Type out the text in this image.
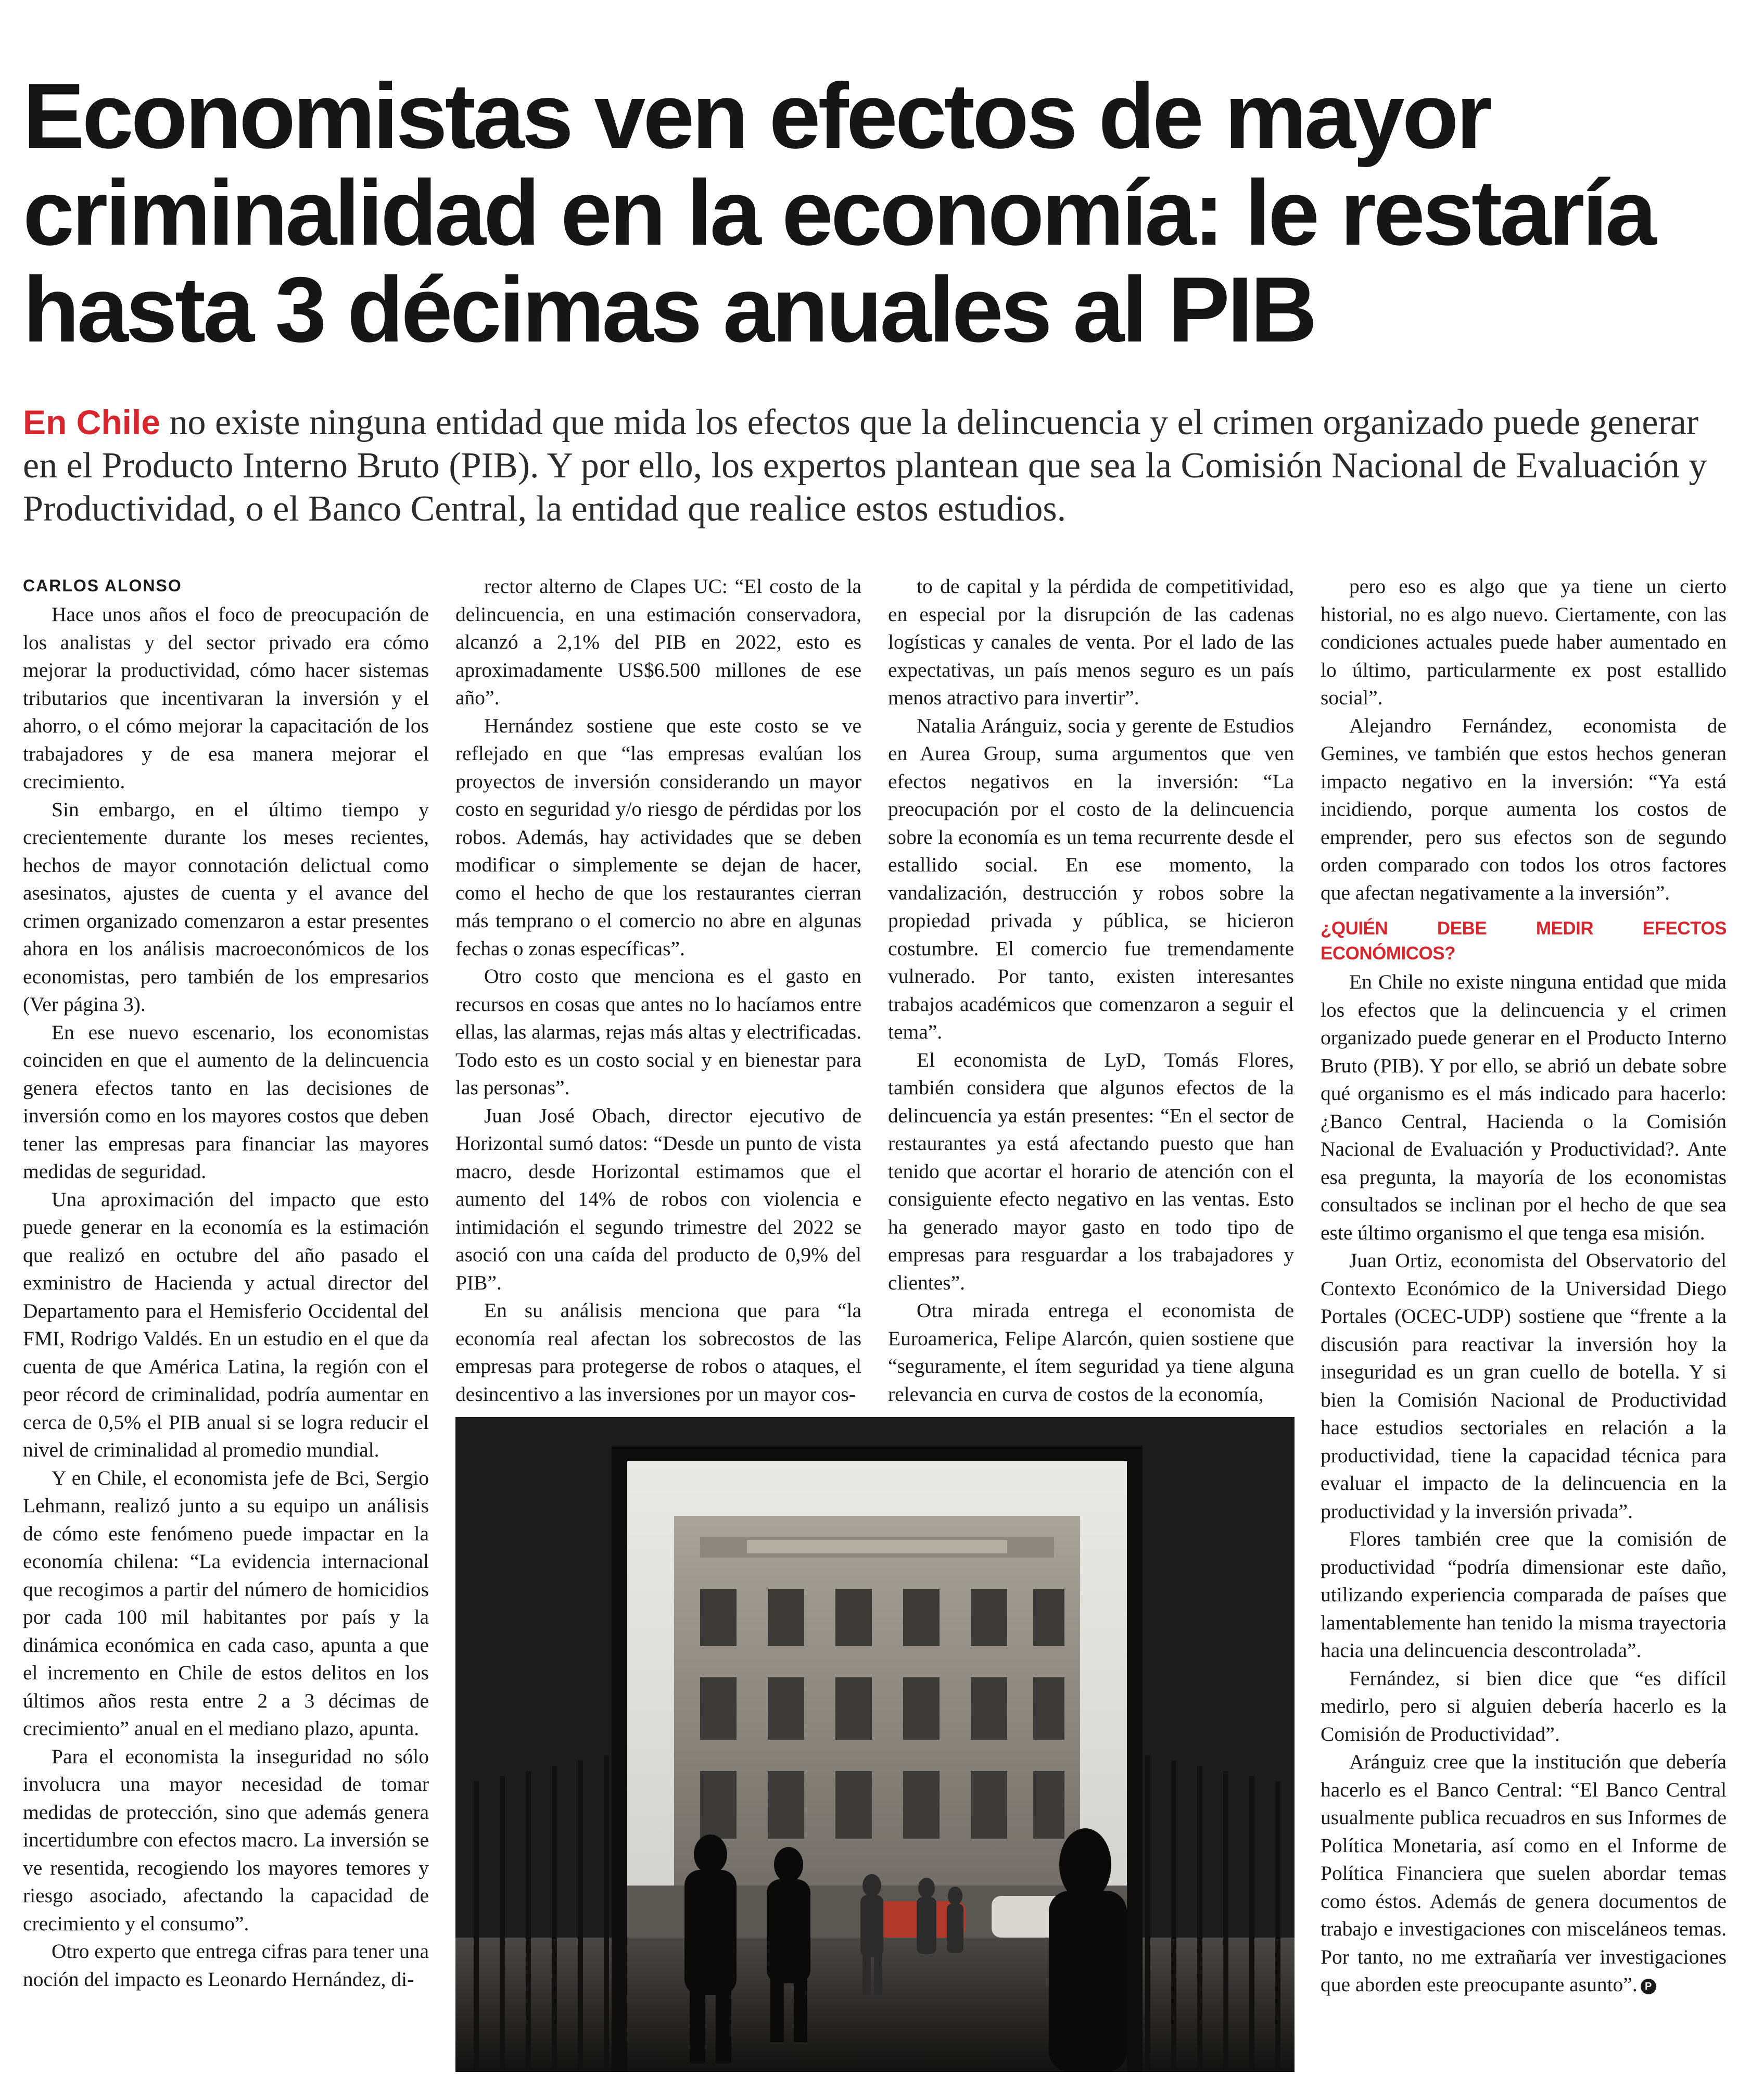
Economistas ven efectos de mayor
criminalidad en la economía: le restaría
hasta 3 décimas anuales al PIB

En Chile no existe ninguna entidad que mida los efectos que la delincuencia y el crimen organizado puede generar en el Producto Interno Bruto (PIB). Y por ello, los expertos plantean que sea la Comisión Nacional de Evaluación y Productividad, o el Banco Central, la entidad que realice estos estudios.

CARLOS ALONSO

Hace unos años el foco de preocupación de los analistas y del sector privado era cómo mejorar la productividad, cómo hacer sistemas tributarios que incentivaran la inversión y el ahorro, o el cómo mejorar la capacitación de los trabajadores y de esa manera mejorar el crecimiento.

Sin embargo, en el último tiempo y crecientemente durante los meses recientes, hechos de mayor connotación delictual como asesinatos, ajustes de cuenta y el avance del crimen organizado comenzaron a estar presentes ahora en los análisis macroeconómicos de los economistas, pero también de los empresarios (Ver página 3).

En ese nuevo escenario, los economistas coinciden en que el aumento de la delincuencia genera efectos tanto en las decisiones de inversión como en los mayores costos que deben tener las empresas para financiar las mayores medidas de seguridad.

Una aproximación del impacto que esto puede generar en la economía es la estimación que realizó en octubre del año pasado el exministro de Hacienda y actual director del Departamento para el Hemisferio Occidental del FMI, Rodrigo Valdés. En un estudio en el que da cuenta de que América Latina, la región con el peor récord de criminalidad, podría aumentar en cerca de 0,5% el PIB anual si se logra reducir el nivel de criminalidad al promedio mundial.

Y en Chile, el economista jefe de Bci, Sergio Lehmann, realizó junto a su equipo un análisis de cómo este fenómeno puede impactar en la economía chilena: “La evidencia internacional que recogimos a partir del número de homicidios por cada 100 mil habitantes por país y la dinámica económica en cada caso, apunta a que el incremento en Chile de estos delitos en los últimos años resta entre 2 a 3 décimas de crecimiento” anual en el mediano plazo, apunta.

Para el economista la inseguridad no sólo involucra una mayor necesidad de tomar medidas de protección, sino que además genera incertidumbre con efectos macro. La inversión se ve resentida, recogiendo los mayores temores y riesgo asociado, afectando la capacidad de crecimiento y el consumo”.

Otro experto que entrega cifras para tener una noción del impacto es Leonardo Hernández, di-

rector alterno de Clapes UC: “El costo de la delincuencia, en una estimación conservadora, alcanzó a 2,1% del PIB en 2022, esto es aproximadamente US$6.500 millones de ese año”.

Hernández sostiene que este costo se ve reflejado en que “las empresas evalúan los proyectos de inversión considerando un mayor costo en seguridad y/o riesgo de pérdidas por los robos. Además, hay actividades que se deben modificar o simplemente se dejan de hacer, como el hecho de que los restaurantes cierran más temprano o el comercio no abre en algunas fechas o zonas específicas”.

Otro costo que menciona es el gasto en recursos en cosas que antes no lo hacíamos entre ellas, las alarmas, rejas más altas y electrificadas. Todo esto es un costo social y en bienestar para las personas”.

Juan José Obach, director ejecutivo de Horizontal sumó datos: “Desde un punto de vista macro, desde Horizontal estimamos que el aumento del 14% de robos con violencia e intimidación el segundo trimestre del 2022 se asoció con una caída del producto de 0,9% del PIB”.

En su análisis menciona que para “la economía real afectan los sobrecostos de las empresas para protegerse de robos o ataques, el desincentivo a las inversiones por un mayor cos-

to de capital y la pérdida de competitividad, en especial por la disrupción de las cadenas logísticas y canales de venta. Por el lado de las expectativas, un país menos seguro es un país menos atractivo para invertir”.

Natalia Aránguiz, socia y gerente de Estudios en Aurea Group, suma argumentos que ven efectos negativos en la inversión: “La preocupación por el costo de la delincuencia sobre la economía es un tema recurrente desde el estallido social. En ese momento, la vandalización, destrucción y robos sobre la propiedad privada y pública, se hicieron costumbre. El comercio fue tremendamente vulnerado. Por tanto, existen interesantes trabajos académicos que comenzaron a seguir el tema”.

El economista de LyD, Tomás Flores, también considera que algunos efectos de la delincuencia ya están presentes: “En el sector de restaurantes ya está afectando puesto que han tenido que acortar el horario de atención con el consiguiente efecto negativo en las ventas. Esto ha generado mayor gasto en todo tipo de empresas para resguardar a los trabajadores y clientes”.

Otra mirada entrega el economista de Euroamerica, Felipe Alarcón, quien sostiene que “seguramente, el ítem seguridad ya tiene alguna relevancia en curva de costos de la economía,

pero eso es algo que ya tiene un cierto historial, no es algo nuevo. Ciertamente, con las condiciones actuales puede haber aumentado en lo último, particularmente ex post estallido social”.

Alejandro Fernández, economista de Gemines, ve también que estos hechos generan impacto negativo en la inversión: “Ya está incidiendo, porque aumenta los costos de emprender, pero sus efectos son de segundo orden comparado con todos los otros factores que afectan negativamente a la inversión”.

¿QUIÉN DEBE MEDIR EFECTOS ECONÓMICOS?

En Chile no existe ninguna entidad que mida los efectos que la delincuencia y el crimen organizado puede generar en el Producto Interno Bruto (PIB). Y por ello, se abrió un debate sobre qué organismo es el más indicado para hacerlo: ¿Banco Central, Hacienda o la Comisión Nacional de Evaluación y Productividad?. Ante esa pregunta, la mayoría de los economistas consultados se inclinan por el hecho de que sea este último organismo el que tenga esa misión.

Juan Ortiz, economista del Observatorio del Contexto Económico de la Universidad Diego Portales (OCEC-UDP) sostiene que “frente a la discusión para reactivar la inversión hoy la inseguridad es un gran cuello de botella. Y si bien la Comisión Nacional de Productividad hace estudios sectoriales en relación a la productividad, tiene la capacidad técnica para evaluar el impacto de la delincuencia en la productividad y la inversión privada”.

Flores también cree que la comisión de productividad “podría dimensionar este daño, utilizando experiencia comparada de países que lamentablemente han tenido la misma trayectoria hacia una delincuencia descontrolada”.

Fernández, si bien dice que “es difícil medirlo, pero si alguien debería hacerlo es la Comisión de Productividad”.

Aránguiz cree que la institución que debería hacerlo es el Banco Central: “El Banco Central usualmente publica recuadros en sus Informes de Política Monetaria, así como en el Informe de Política Financiera que suelen abordar temas como éstos. Además de genera documentos de trabajo e investigaciones con misceláneos temas. Por tanto, no me extrañaría ver investigaciones que aborden este preocupante asunto”. P
